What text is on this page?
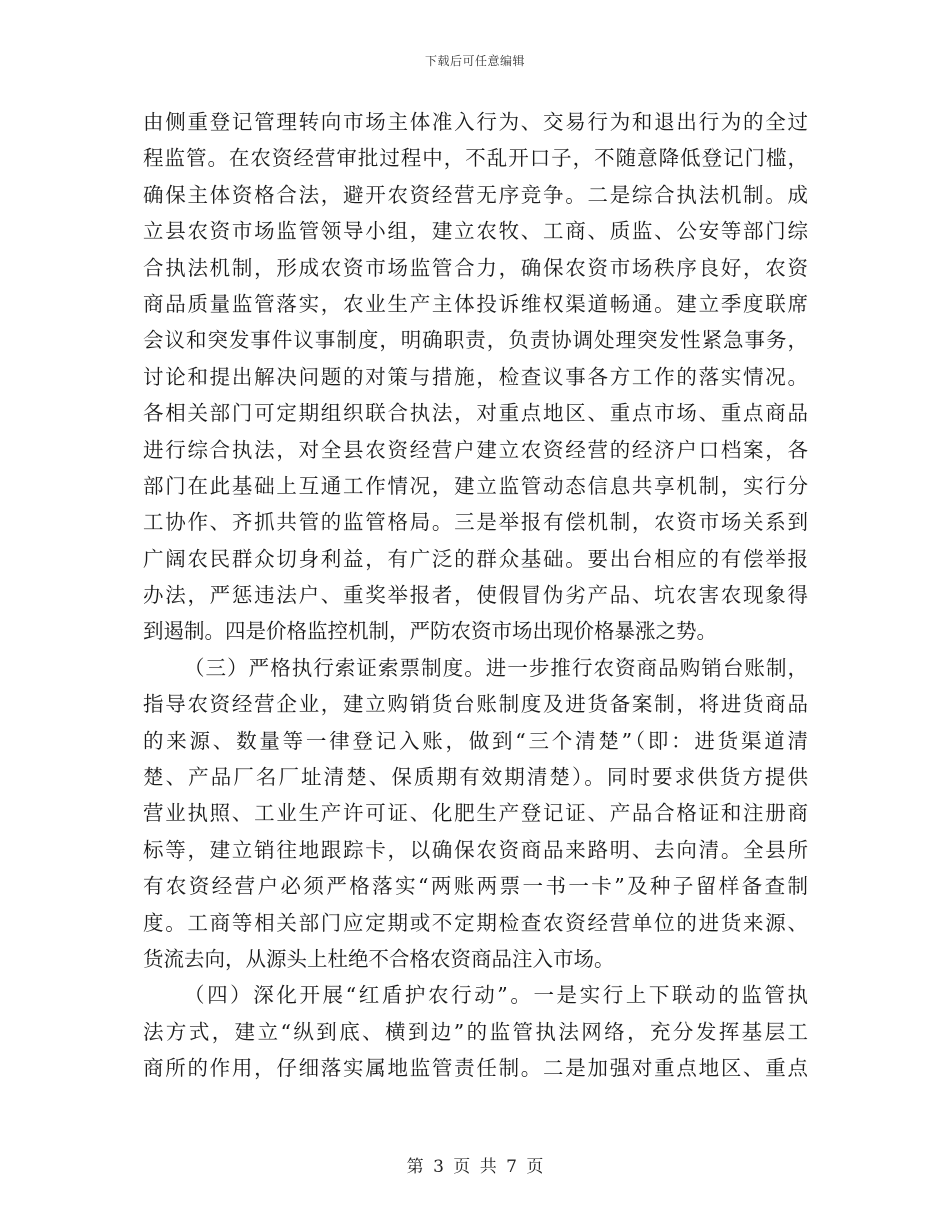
下载后可任意编辑
由侧重登记管理转向市场主体准入行为、交易行为和退出行为的全过
程监管。在农资经营审批过程中，不乱开口子，不随意降低登记门槛，
确保主体资格合法，避开农资经营无序竞争。二是综合执法机制。成
立县农资市场监管领导小组，建立农牧、工商、质监、公安等部门综
合执法机制，形成农资市场监管合力，确保农资市场秩序良好，农资
商品质量监管落实，农业生产主体投诉维权渠道畅通。建立季度联席
会议和突发事件议事制度，明确职责，负责协调处理突发性紧急事务，
讨论和提出解决问题的对策与措施，检查议事各方工作的落实情况。
各相关部门可定期组织联合执法，对重点地区、重点市场、重点商品
进行综合执法，对全县农资经营户建立农资经营的经济户口档案，各
部门在此基础上互通工作情况，建立监管动态信息共享机制，实行分
工协作、齐抓共管的监管格局。三是举报有偿机制，农资市场关系到
广阔农民群众切身利益，有广泛的群众基础。要出台相应的有偿举报
办法，严惩违法户、重奖举报者，使假冒伪劣产品、坑农害农现象得
到遏制。四是价格监控机制，严防农资市场出现价格暴涨之势。
（三）严格执行索证索票制度。进一步推行农资商品购销台账制，
指导农资经营企业，建立购销货台账制度及进货备案制，将进货商品
的来源、数量等一律登记入账，做到“三个清楚”（即：进货渠道清
楚、产品厂名厂址清楚、保质期有效期清楚）。同时要求供货方提供
营业执照、工业生产许可证、化肥生产登记证、产品合格证和注册商
标等，建立销往地跟踪卡，以确保农资商品来路明、去向清。全县所
有农资经营户必须严格落实“两账两票一书一卡”及种子留样备查制
度。工商等相关部门应定期或不定期检查农资经营单位的进货来源、
货流去向，从源头上杜绝不合格农资商品注入市场。
（四）深化开展“红盾护农行动”。一是实行上下联动的监管执
法方式，建立“纵到底、横到边”的监管执法网络，充分发挥基层工
商所的作用，仔细落实属地监管责任制。二是加强对重点地区、重点
第 3 页 共 7 页
